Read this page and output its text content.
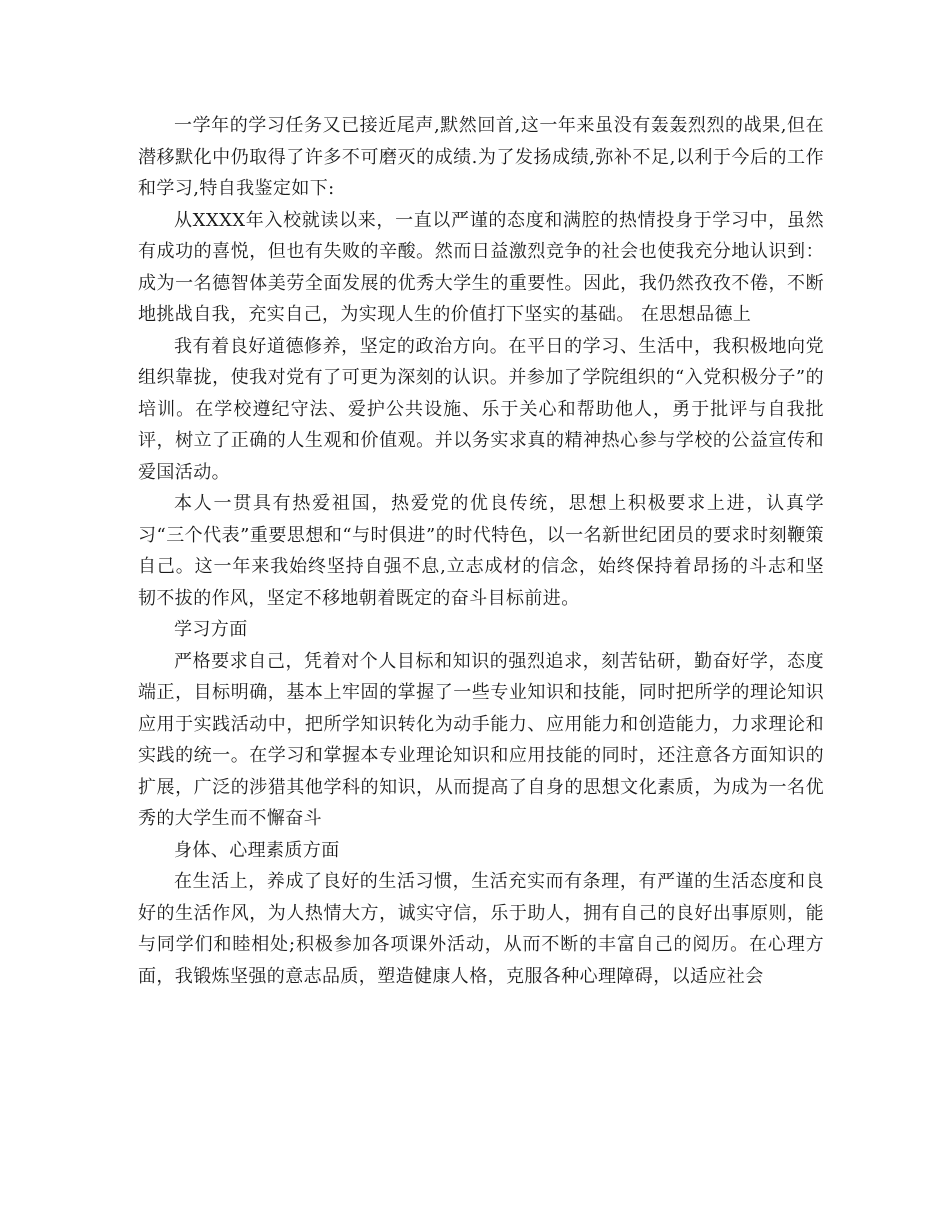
一学年的学习任务又已接近尾声,默然回首,这一年来虽没有轰轰烈烈的战果,但在潜移默化中仍取得了许多不可磨灭的成绩.为了发扬成绩,弥补不足,以利于今后的工作和学习,特自我鉴定如下:

从XXXX年入校就读以来，一直以严谨的态度和满腔的热情投身于学习中，虽然有成功的喜悦，但也有失败的辛酸。然而日益激烈竞争的社会也使我充分地认识到：成为一名德智体美劳全面发展的优秀大学生的重要性。因此，我仍然孜孜不倦，不断地挑战自我，充实自己，为实现人生的价值打下坚实的基础。 在思想品德上

我有着良好道德修养，坚定的政治方向。在平日的学习、生活中，我积极地向党组织靠拢，使我对党有了可更为深刻的认识。并参加了学院组织的“入党积极分子”的培训。在学校遵纪守法、爱护公共设施、乐于关心和帮助他人，勇于批评与自我批评，树立了正确的人生观和价值观。并以务实求真的精神热心参与学校的公益宣传和爱国活动。

本人一贯具有热爱祖国，热爱党的优良传统，思想上积极要求上进，认真学习“三个代表”重要思想和“与时俱进”的时代特色，以一名新世纪团员的要求时刻鞭策自己。这一年来我始终坚持自强不息,立志成材的信念，始终保持着昂扬的斗志和坚韧不拔的作风，坚定不移地朝着既定的奋斗目标前进。

学习方面

严格要求自己，凭着对个人目标和知识的强烈追求，刻苦钻研，勤奋好学，态度端正，目标明确，基本上牢固的掌握了一些专业知识和技能，同时把所学的理论知识应用于实践活动中，把所学知识转化为动手能力、应用能力和创造能力，力求理论和实践的统一。在学习和掌握本专业理论知识和应用技能的同时，还注意各方面知识的扩展，广泛的涉猎其他学科的知识，从而提高了自身的思想文化素质，为成为一名优秀的大学生而不懈奋斗

身体、心理素质方面

在生活上，养成了良好的生活习惯，生活充实而有条理，有严谨的生活态度和良好的生活作风，为人热情大方，诚实守信，乐于助人，拥有自己的良好出事原则，能与同学们和睦相处;积极参加各项课外活动，从而不断的丰富自己的阅历。在心理方面，我锻炼坚强的意志品质，塑造健康人格，克服各种心理障碍，以适应社会
